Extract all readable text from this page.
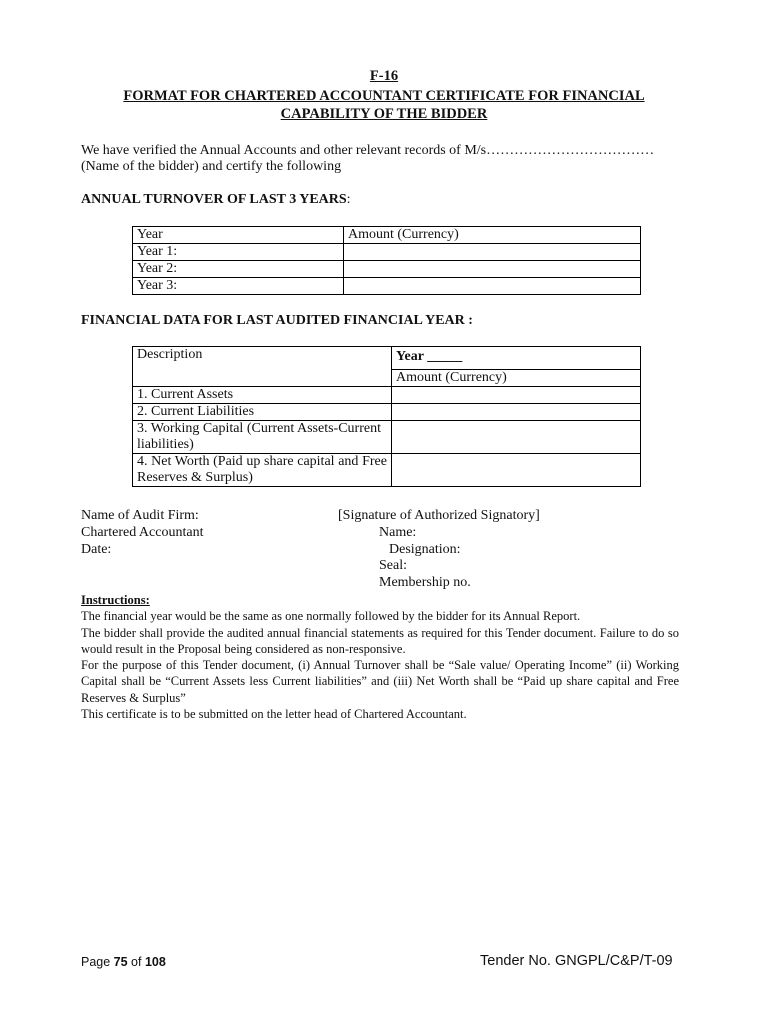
F-16
FORMAT FOR CHARTERED ACCOUNTANT CERTIFICATE FOR FINANCIAL
CAPABILITY OF THE BIDDER
We have verified the Annual Accounts and other relevant records of M/s………………………………
(Name of the bidder) and certify the following
ANNUAL TURNOVER OF LAST 3 YEARS:
Year	Amount (Currency)
Year 1:	
Year 2:	
Year 3:	
FINANCIAL DATA FOR LAST AUDITED FINANCIAL YEAR :
Description	Year _____
	Amount (Currency)
1. Current Assets	
2. Current Liabilities	
3. Working Capital (Current Assets-Current liabilities)	
4. Net Worth (Paid up share capital and Free Reserves & Surplus)	
Name of Audit Firm:
Chartered Accountant
Date:
[Signature of Authorized Signatory]
Name:
Designation:
Seal:
Membership no.

Instructions:

The financial year would be the same as one normally followed by the bidder for its Annual Report.

The bidder shall provide the audited annual financial statements as required for this Tender document. Failure to do so would result in the Proposal being considered as non-responsive.

For the purpose of this Tender document, (i) Annual Turnover shall be “Sale value/ Operating Income” (ii) Working Capital shall be “Current Assets less Current liabilities” and (iii) Net Worth shall be “Paid up share capital and Free Reserves & Surplus”

This certificate is to be submitted on the letter head of Chartered Accountant.

Page 75 of 108	Tender No. GNGPL/C&P/T-09
